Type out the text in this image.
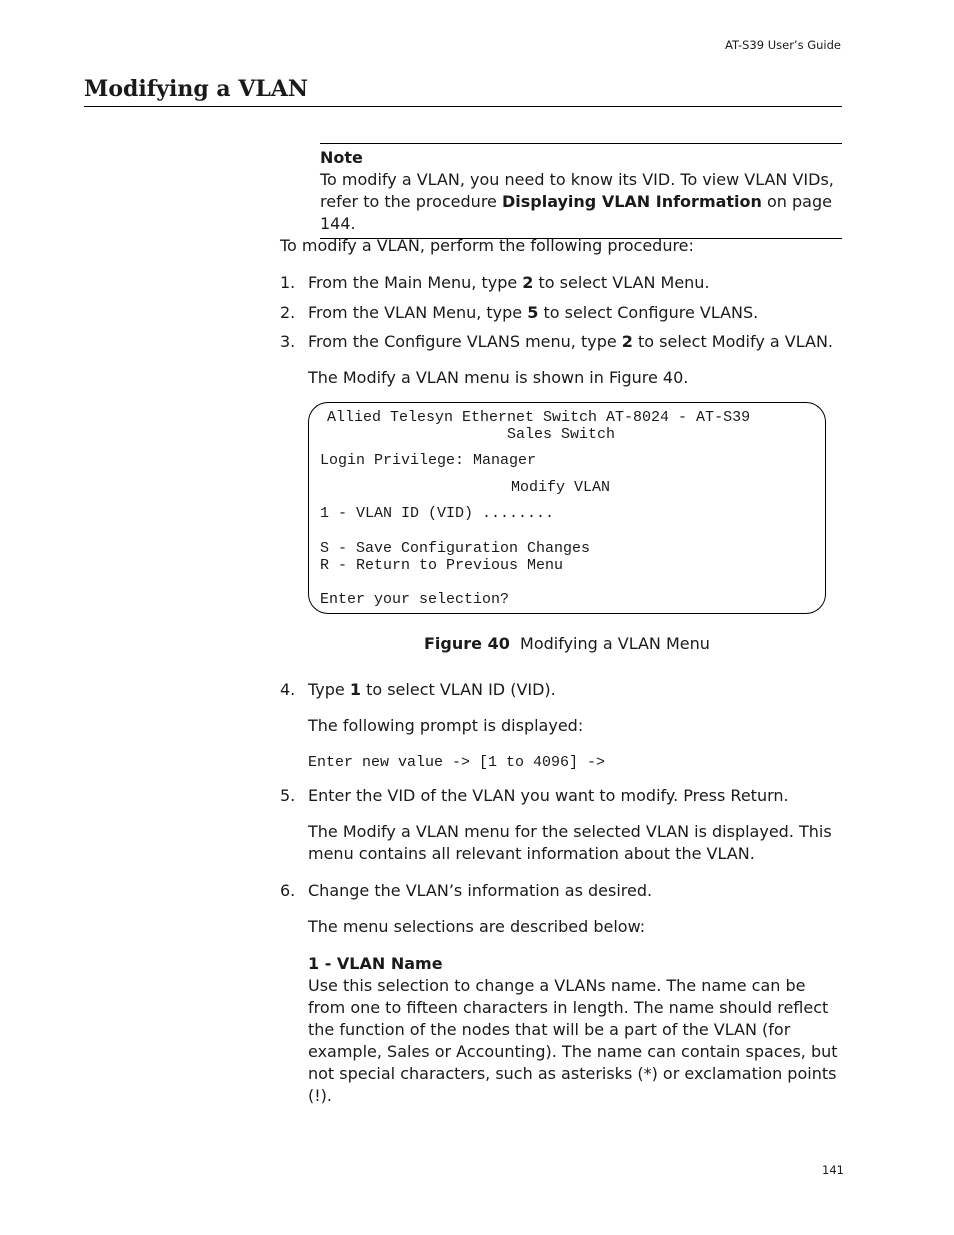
AT-S39 User’s Guide
Modifying a VLAN
Note
To modify a VLAN, you need to know its VID. To view VLAN VIDs, refer to the procedure Displaying VLAN Information on page 144.

To modify a VLAN, perform the following procedure:

1. From the Main Menu, type 2 to select VLAN Menu.
2. From the VLAN Menu, type 5 to select Configure VLANS.
3. From the Configure VLANS menu, type 2 to select Modify a VLAN.

The Modify a VLAN menu is shown in Figure 40.

Allied Telesyn Ethernet Switch AT-8024 - AT-S39
Sales Switch
Login Privilege: Manager
Modify VLAN
1 - VLAN ID (VID) ........
S - Save Configuration Changes
R - Return to Previous Menu
Enter your selection?
Figure 40 Modifying a VLAN Menu
4. Type 1 to select VLAN ID (VID).

The following prompt is displayed:

Enter new value -> [1 to 4096] ->
5. Enter the VID of the VLAN you want to modify. Press Return.

The Modify a VLAN menu for the selected VLAN is displayed. This menu contains all relevant information about the VLAN.

6. Change the VLAN’s information as desired.

The menu selections are described below:

1 - VLAN Name

Use this selection to change a VLANs name. The name can be from one to fifteen characters in length. The name should reflect the function of the nodes that will be a part of the VLAN (for example, Sales or Accounting). The name can contain spaces, but not special characters, such as asterisks (*) or exclamation points (!).

141
